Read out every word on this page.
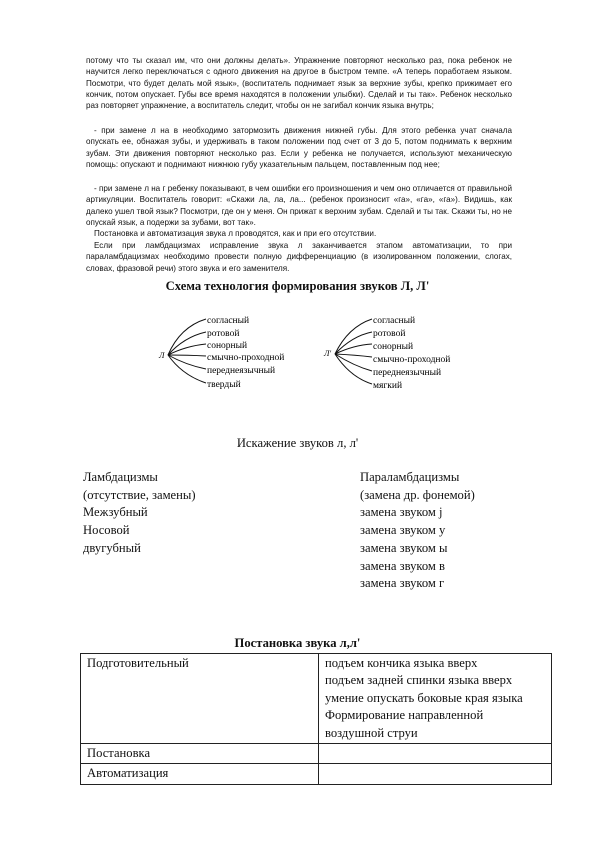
потому что ты сказал им, что они должны делать». Упражнение повторяют несколько раз, пока ребенок не научится легко переключаться с одного движения на другое в быстром темпе. «А теперь поработаем языком. Посмотри, что будет делать мой язык», (воспитатель поднимает язык за верхние зубы, крепко прижимает его кончик, потом опускает. Губы все время находятся в положении улыбки). Сделай и ты так». Ребенок несколько раз повторяет упражнение, а воспитатель следит, чтобы он не загибал кончик языка внутрь;
- при замене л на в необходимо затормозить движения нижней губы. Для этого ребенка учат сначала опускать ее, обнажая зубы, и удерживать в таком положении под счет от 3 до 5, потом поднимать к верхним зубам. Эти движения повторяют несколько раз. Если у ребенка не получается, используют механическую помощь: опускают и поднимают нижнюю губу указательным пальцем, поставленным под нее;
- при замене л на г ребенку показывают, в чем ошибки его произношения и чем оно отличается от правильной артикуляции. Воспитатель говорит: «Скажи ла, ла, ла... (ребенок произносит «га», «га», «га»). Видишь, как далеко ушел твой язык? Посмотри, где он у меня. Он прижат к верхним зубам. Сделай и ты так. Скажи ты, но не опускай язык, а подержи за зубами, вот так».
Постановка и автоматизация звука л проводятся, как и при его отсутствии.
Если при ламбдацизмах исправление звука л заканчивается этапом автоматизации, то при параламбдацизмах необходимо провести полную дифференциацию (в изолированном положении, слогах, словах, фразовой речи) этого звука и его заменителя.
Схема технология формирования звуков Л, Л'
Л
согласный
ротовой
сонорный
смычно-проходной
переднеязычный
твердый
Л'
согласный
ротовой
сонорный
смычно-проходной
переднеязычный
мягкий
Искажение звуков л, л'
Ламбдацизмы
(отсутствие, замены)
Межзубный
Носовой
двугубный
Параламбдацизмы
(замена др. фонемой)
замена звуком j
замена звуком у
замена звуком ы
замена звуком в
замена звуком г
Постановка звука л,л'
Подготовительный	подъем кончика языка вверх
подъем задней спинки языка вверх
умение опускать боковые края языка
Формирование направленной
воздушной струи

Постановка	
Автоматизация	
